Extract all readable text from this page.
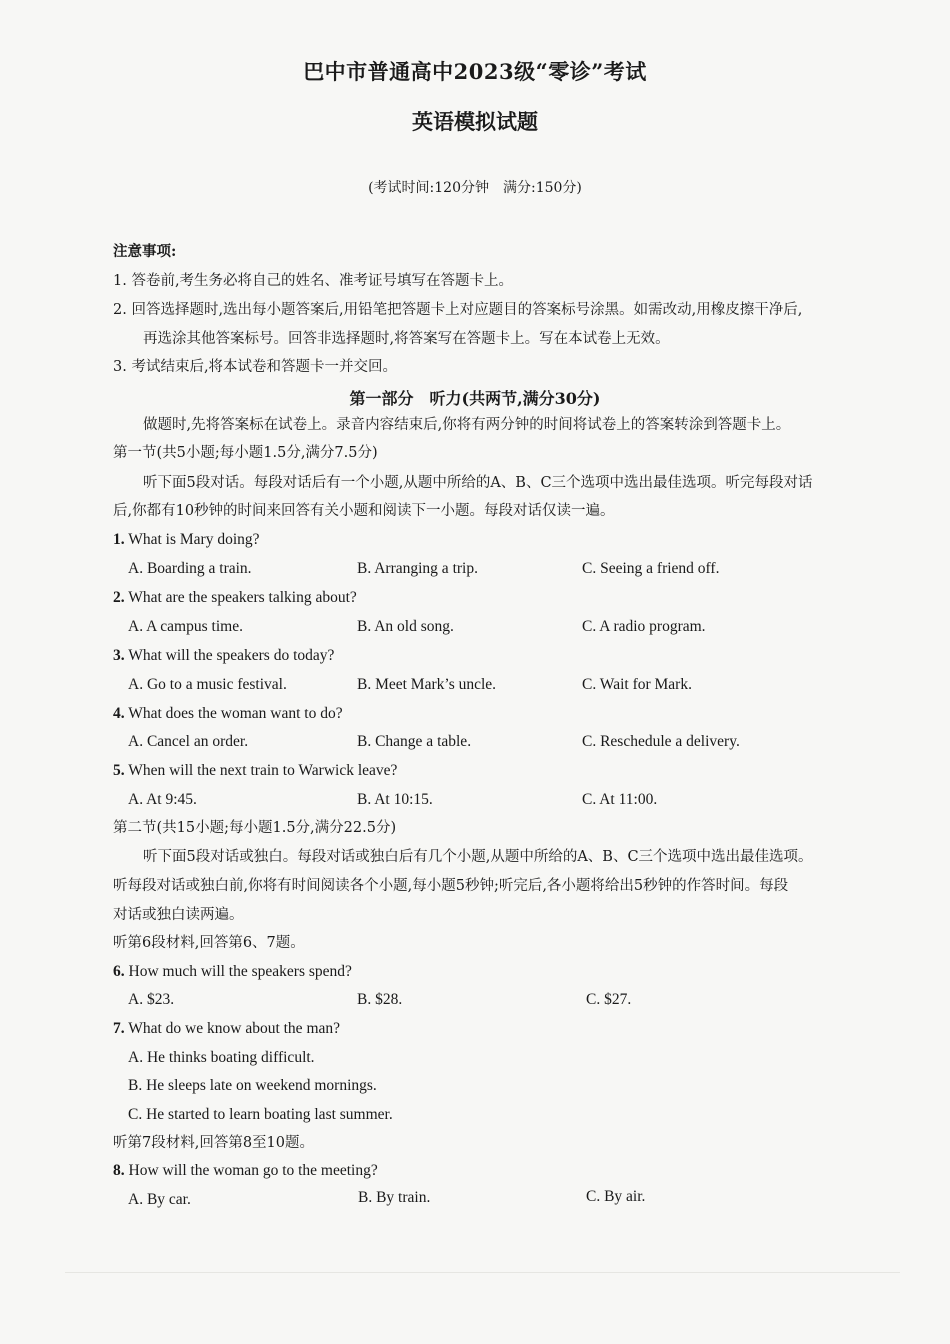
巴中市普通高中2023级“零诊”考试
英语模拟试题
(考试时间:120分钟　满分:150分)
注意事项:
1. 答卷前,考生务必将自己的姓名、准考证号填写在答题卡上。
2. 回答选择题时,选出每小题答案后,用铅笔把答题卡上对应题目的答案标号涂黑。如需改动,用橡皮擦干净后,
再选涂其他答案标号。回答非选择题时,将答案写在答题卡上。写在本试卷上无效。
3. 考试结束后,将本试卷和答题卡一并交回。
第一部分　听力(共两节,满分30分)
做题时,先将答案标在试卷上。录音内容结束后,你将有两分钟的时间将试卷上的答案转涂到答题卡上。
第一节(共5小题;每小题1.5分,满分7.5分)
听下面5段对话。每段对话后有一个小题,从题中所给的A、B、C三个选项中选出最佳选项。听完每段对话
后,你都有10秒钟的时间来回答有关小题和阅读下一小题。每段对话仅读一遍。
1. What is Mary doing?
A. Boarding a train.	B. Arranging a trip.	C. Seeing a friend off.
2. What are the speakers talking about?
A. A campus time.	B. An old song.	C. A radio program.
3. What will the speakers do today?
A. Go to a music festival.	B. Meet Mark’s uncle.	C. Wait for Mark.
4. What does the woman want to do?
A. Cancel an order.	B. Change a table.	C. Reschedule a delivery.
5. When will the next train to Warwick leave?
A. At 9:45.	B. At 10:15.	C. At 11:00.
第二节(共15小题;每小题1.5分,满分22.5分)
听下面5段对话或独白。每段对话或独白后有几个小题,从题中所给的A、B、C三个选项中选出最佳选项。
听每段对话或独白前,你将有时间阅读各个小题,每小题5秒钟;听完后,各小题将给出5秒钟的作答时间。每段
对话或独白读两遍。
听第6段材料,回答第6、7题。
6. How much will the speakers spend?
A. $23.	B. $28.	C. $27.
7. What do we know about the man?
A. He thinks boating difficult.
B. He sleeps late on weekend mornings.
C. He started to learn boating last summer.
听第7段材料,回答第8至10题。
8. How will the woman go to the meeting?
A. By car.	B. By train.	C. By air.
